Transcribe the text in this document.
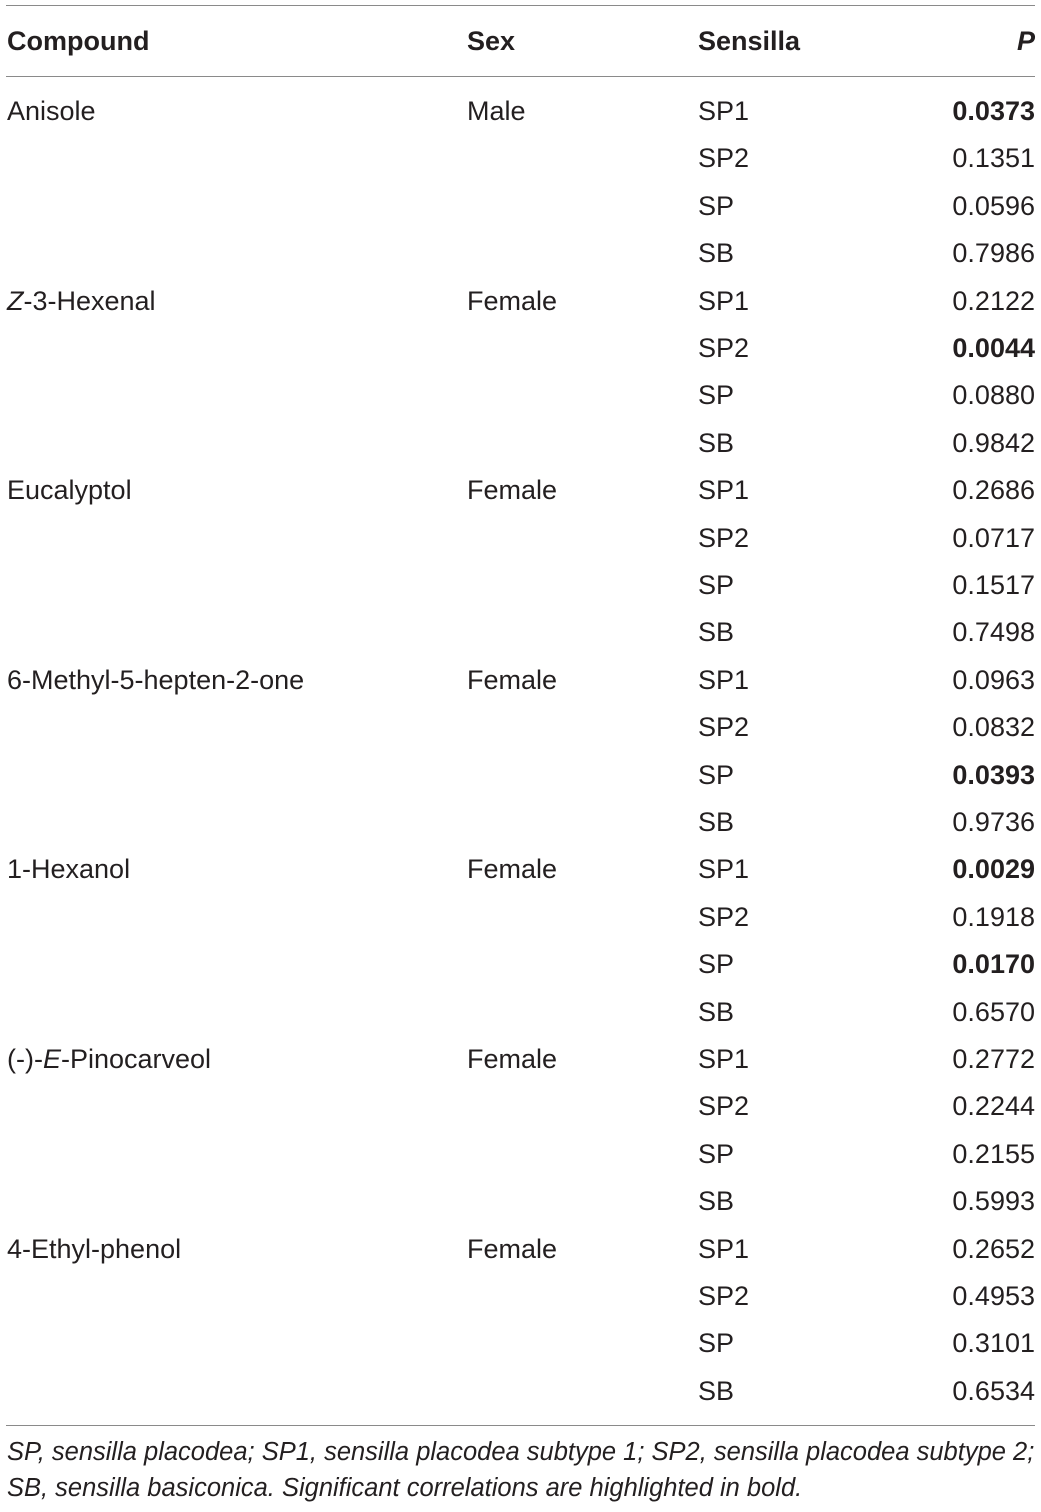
Compound	Sex	Sensilla	P
Anisole	Male	SP1	0.0373
SP2	0.1351
SP	0.0596
SB	0.7986
Z-3-Hexenal	Female	SP1	0.2122
SP2	0.0044
SP	0.0880
SB	0.9842
Eucalyptol	Female	SP1	0.2686
SP2	0.0717
SP	0.1517
SB	0.7498
6-Methyl-5-hepten-2-one	Female	SP1	0.0963
SP2	0.0832
SP	0.0393
SB	0.9736
1-Hexanol	Female	SP1	0.0029
SP2	0.1918
SP	0.0170
SB	0.6570
(-)-E-Pinocarveol	Female	SP1	0.2772
SP2	0.2244
SP	0.2155
SB	0.5993
4-Ethyl-phenol	Female	SP1	0.2652
SP2	0.4953
SP	0.3101
SB	0.6534
SP, sensilla placodea; SP1, sensilla placodea subtype 1; SP2, sensilla placodea subtype 2; SB, sensilla basiconica. Significant correlations are highlighted in bold.
